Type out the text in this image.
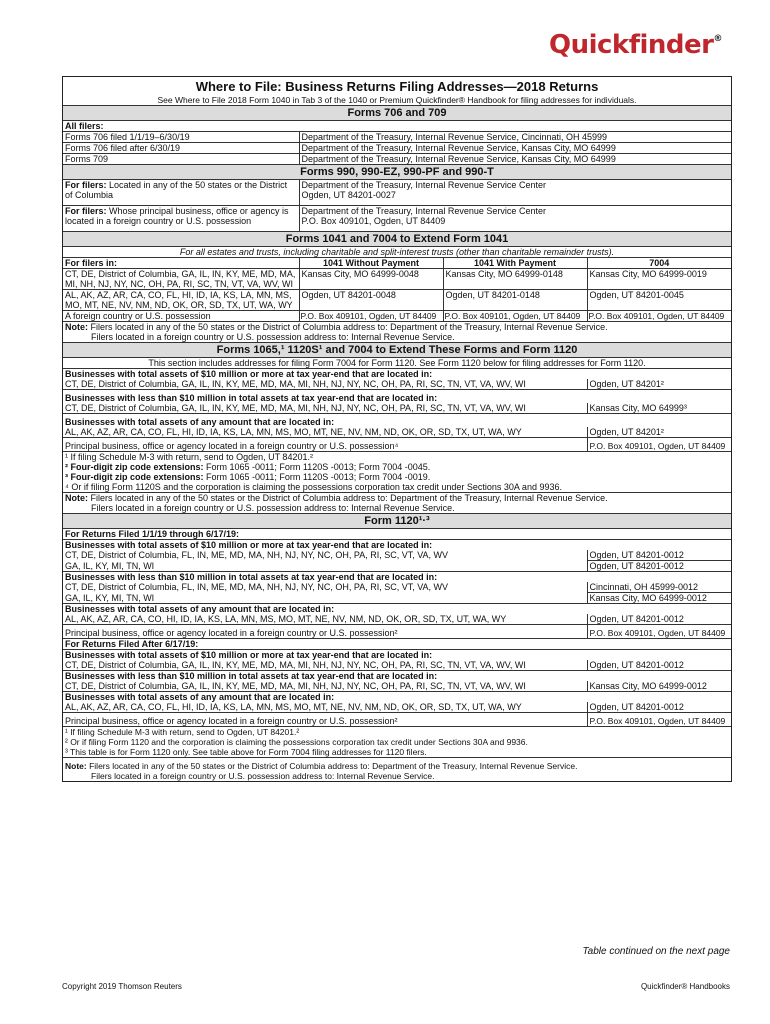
Quickfinder®
Where to File: Business Returns Filing Addresses—2018 Returns			
See Where to File 2018 Form 1040 in Tab 3 of the 1040 or Premium Quickfinder® Handbook for filing addresses for individuals.			
Forms 706 and 709			
All filers:			
Forms 706 filed 1/1/19–6/30/19	Department of the Treasury, Internal Revenue Service, Cincinnati, OH 45999		
Forms 706 filed after 6/30/19	Department of the Treasury, Internal Revenue Service, Kansas City, MO 64999		
Forms 709	Department of the Treasury, Internal Revenue Service, Kansas City, MO 64999		
Forms 990, 990-EZ, 990-PF and 990-T			
For filers: Located in any of the 50 states or the District of Columbia	Department of the Treasury, Internal Revenue Service Center
Ogden, UT 84201-0027		

For filers: Whose principal business, office or agency is located in a foreign country or U.S. possession	Department of the Treasury, Internal Revenue Service Center
P.O. Box 409101, Ogden, UT 84409		

Forms 1041 and 7004 to Extend Form 1041			
For all estates and trusts, including charitable and split-interest trusts (other than charitable remainder trusts).			
For filers in:	1041 Without Payment	1041 With Payment	7004
CT, DE, District of Columbia, GA, IL, IN, KY, ME, MD, MA, MI, NH, NJ, NY, NC, OH, PA, RI, SC, TN, VT, VA, WV, WI	Kansas City, MO 64999-0048	Kansas City, MO 64999-0148	Kansas City, MO 64999-0019
AL, AK, AZ, AR, CA, CO, FL, HI, ID, IA, KS, LA, MN, MS, MO, MT, NE, NV, NM, ND, OK, OR, SD, TX, UT, WA, WY	Ogden, UT 84201-0048	Ogden, UT 84201-0148	Ogden, UT 84201-0045
A foreign country or U.S. possession	P.O. Box 409101, Ogden, UT 84409	P.O. Box 409101, Ogden, UT 84409	P.O. Box 409101, Ogden, UT 84409
Note: Filers located in any of the 50 states or the District of Columbia address to: Department of the Treasury, Internal Revenue Service.			
Filers located in a foreign country or U.S. possession address to: Internal Revenue Service.			
Forms 1065,¹ 1120S¹ and 7004 to Extend These Forms and Form 1120			
This section includes addresses for filing Form 7004 for Form 1120. See Form 1120 below for filing addresses for Form 1120.			
Businesses with total assets of $10 million or more at tax year-end that are located in:			
CT, DE, District of Columbia, GA, IL, IN, KY, ME, MD, MA, MI, NH, NJ, NY, NC, OH, PA, RI, SC, TN, VT, VA, WV, WI			Ogden, UT 84201²
Businesses with less than $10 million in total assets at tax year-end that are located in:			
CT, DE, District of Columbia, GA, IL, IN, KY, ME, MD, MA, MI, NH, NJ, NY, NC, OH, PA, RI, SC, TN, VT, VA, WV, WI			Kansas City, MO 64999³
Businesses with total assets of any amount that are located in:			
AL, AK, AZ, AR, CA, CO, FL, HI, ID, IA, KS, LA, MN, MS, MO, MT, NE, NV, NM, ND, OK, OR, SD, TX, UT, WA, WY			Ogden, UT 84201²
Principal business, office or agency located in a foreign country or U.S. possession⁴			P.O. Box 409101, Ogden, UT 84409
¹ If filing Schedule M-3 with return, send to Ogden, UT 84201.²			
² Four-digit zip code extensions: Form 1065 -0011; Form 1120S -0013; Form 7004 -0045.			
³ Four-digit zip code extensions: Form 1065 -0011; Form 1120S -0013; Form 7004 -0019.			
⁴ Or if filing Form 1120S and the corporation is claiming the possessions corporation tax credit under Sections 30A and 9936.			
Note: Filers located in any of the 50 states or the District of Columbia address to: Department of the Treasury, Internal Revenue Service.			
Filers located in a foreign country or U.S. possession address to: Internal Revenue Service.			
Form 1120¹·³			
For Returns Filed 1/1/19 through 6/17/19:			
Businesses with total assets of $10 million or more at tax year-end that are located in:			
CT, DE, District of Columbia, FL, IN, ME, MD, MA, NH, NJ, NY, NC, OH, PA, RI, SC, VT, VA, WV			Ogden, UT 84201-0012
GA, IL, KY, MI, TN, WI			Ogden, UT 84201-0012
Businesses with less than $10 million in total assets at tax year-end that are located in:			
CT, DE, District of Columbia, FL, IN, ME, MD, MA, NH, NJ, NY, NC, OH, PA, RI, SC, VT, VA, WV			Cincinnati, OH 45999-0012
GA, IL, KY, MI, TN, WI			Kansas City, MO 64999-0012
Businesses with total assets of any amount that are located in:			
AL, AK, AZ, AR, CA, CO, HI, ID, IA, KS, LA, MN, MS, MO, MT, NE, NV, NM, ND, OK, OR, SD, TX, UT, WA, WY			Ogden, UT 84201-0012
Principal business, office or agency located in a foreign country or U.S. possession²			P.O. Box 409101, Ogden, UT 84409
For Returns Filed After 6/17/19:			
Businesses with total assets of $10 million or more at tax year-end that are located in:			
CT, DE, District of Columbia, GA, IL, IN, KY, ME, MD, MA, MI, NH, NJ, NY, NC, OH, PA, RI, SC, TN, VT, VA, WV, WI			Ogden, UT 84201-0012
Businesses with less than $10 million in total assets at tax year-end that are located in:			
CT, DE, District of Columbia, GA, IL, IN, KY, ME, MD, MA, MI, NH, NJ, NY, NC, OH, PA, RI, SC, TN, VT, VA, WV, WI			Kansas City, MO 64999-0012
Businesses with total assets of any amount that are located in:			
AL, AK, AZ, AR, CA, CO, FL, HI, ID, IA, KS, LA, MN, MS, MO, MT, NE, NV, NM, ND, OK, OR, SD, TX, UT, WA, WY			Ogden, UT 84201-0012
Principal business, office or agency located in a foreign country or U.S. possession²			P.O. Box 409101, Ogden, UT 84409
¹ If filing Schedule M-3 with return, send to Ogden, UT 84201.²			
² Or if filing Form 1120 and the corporation is claiming the possessions corporation tax credit under Sections 30A and 9936.			
³ This table is for Form 1120 only. See table above for Form 7004 filing addresses for 1120 filers.			
Note: Filers located in any of the 50 states or the District of Columbia address to: Department of the Treasury, Internal Revenue Service.			
Filers located in a foreign country or U.S. possession address to: Internal Revenue Service.			
Table continued on the next page
Copyright 2019 Thomson Reuters	Quickfinder® Handbooks
